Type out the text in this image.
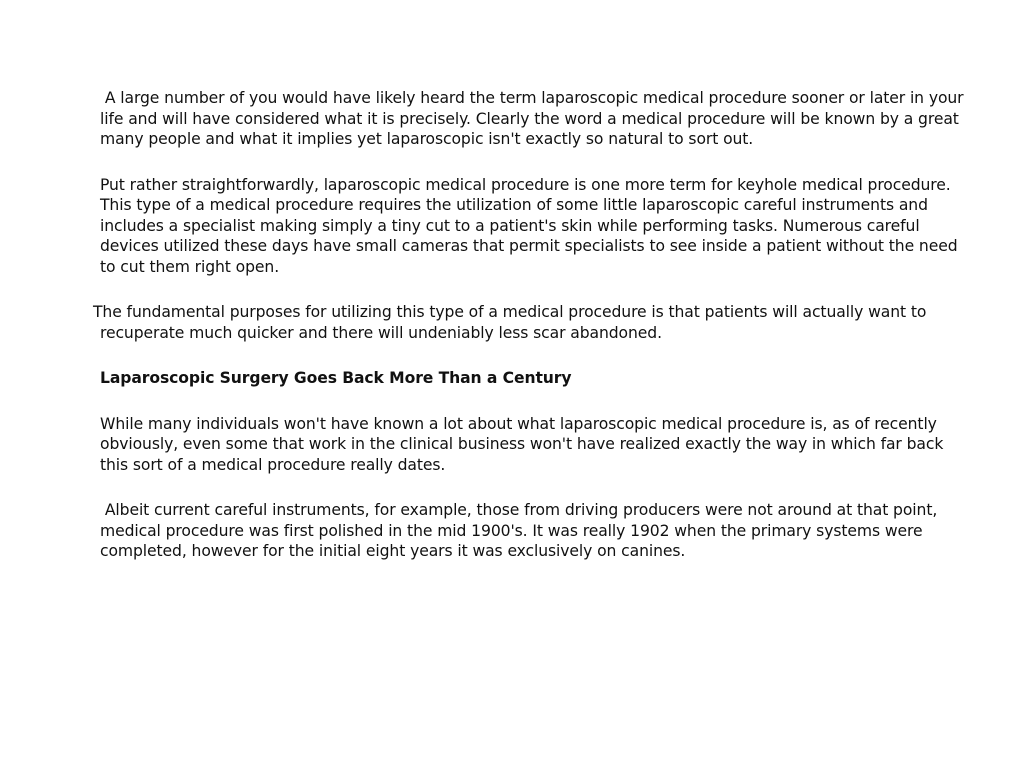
A large number of you would have likely heard the term laparoscopic medical procedure sooner or later in your life and will have considered what it is precisely. Clearly the word a medical procedure will be known by a great many people and what it implies yet laparoscopic isn't exactly so natural to sort out.

Put rather straightforwardly, laparoscopic medical procedure is one more term for keyhole medical procedure. This type of a medical procedure requires the utilization of some little laparoscopic careful instruments and includes a specialist making simply a tiny cut to a patient's skin while performing tasks. Numerous careful devices utilized these days have small cameras that permit specialists to see inside a patient without the need to cut them right open.

The fundamental purposes for utilizing this type of a medical procedure is that patients will actually want to recuperate much quicker and there will undeniably less scar abandoned.

Laparoscopic Surgery Goes Back More Than a Century

While many individuals won't have known a lot about what laparoscopic medical procedure is, as of recently obviously, even some that work in the clinical business won't have realized exactly the way in which far back this sort of a medical procedure really dates.

Albeit current careful instruments, for example, those from driving producers were not around at that point, medical procedure was first polished in the mid 1900's. It was really 1902 when the primary systems were completed, however for the initial eight years it was exclusively on canines.
